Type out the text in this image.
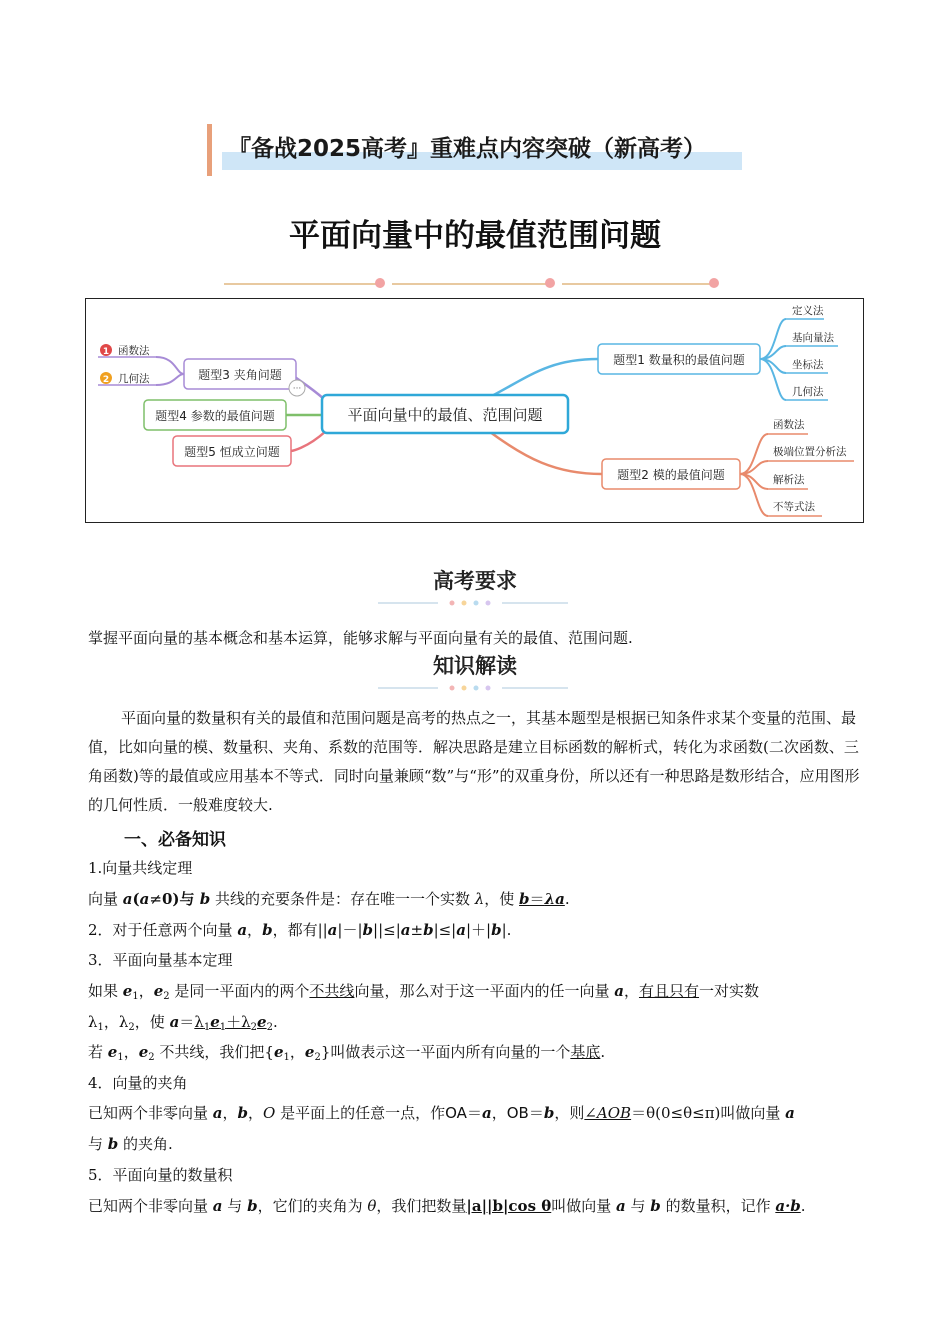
『备战2025高考』重难点内容突破（新高考）
平面向量中的最值范围问题
平面向量中的最值、范围问题
题型1 数量积的最值问题
定义法
基向量法
坐标法
几何法
题型2 模的最值问题
函数法
极端位置分析法
解析法
不等式法
题型3 夹角问题
1 函数法
2 几何法
···
题型4 参数的最值问题
题型5 恒成立问题
高考要求
掌握平面向量的基本概念和基本运算，能够求解与平面向量有关的最值、范围问题.
知识解读
平面向量的数量积有关的最值和范围问题是高考的热点之一，其基本题型是根据已知条件求某个变量的范围、最值，比如向量的模、数量积、夹角、系数的范围等．解决思路是建立目标函数的解析式，转化为求函数(二次函数、三角函数)等的最值或应用基本不等式．同时向量兼顾“数”与“形”的双重身份，所以还有一种思路是数形结合，应用图形的几何性质．一般难度较大.
一、必备知识
1.向量共线定理
向量 a(a≠0)与 b 共线的充要条件是：存在唯一一个实数 λ，使 b＝λa.
2．对于任意两个向量 a，b，都有||a|－|b||≤|a±b|≤|a|＋|b|.
3．平面向量基本定理
如果 $e_1$，$e_2$ 是同一平面内的两个不共线向量，那么对于这一平面内的任一向量 a，有且只有一对实数
$\lambda_1$，$\lambda_2$，使 $a=\lambda_1e_1+\lambda_2e_2$.
若 $e_1$，$e_2$ 不共线，我们把{$e_1$，$e_2$}叫做表示这一平面内所有向量的一个基底.
4．向量的夹角
已知两个非零向量 a，b，O 是平面上的任意一点，作OA＝a，OB＝b，则∠AOB＝θ(0≤θ≤π)叫做向量 a
与 b 的夹角.
5．平面向量的数量积
已知两个非零向量 a 与 b，它们的夹角为 θ，我们把数量|a||b|cos θ叫做向量 a 与 b 的数量积，记作 a·b.
